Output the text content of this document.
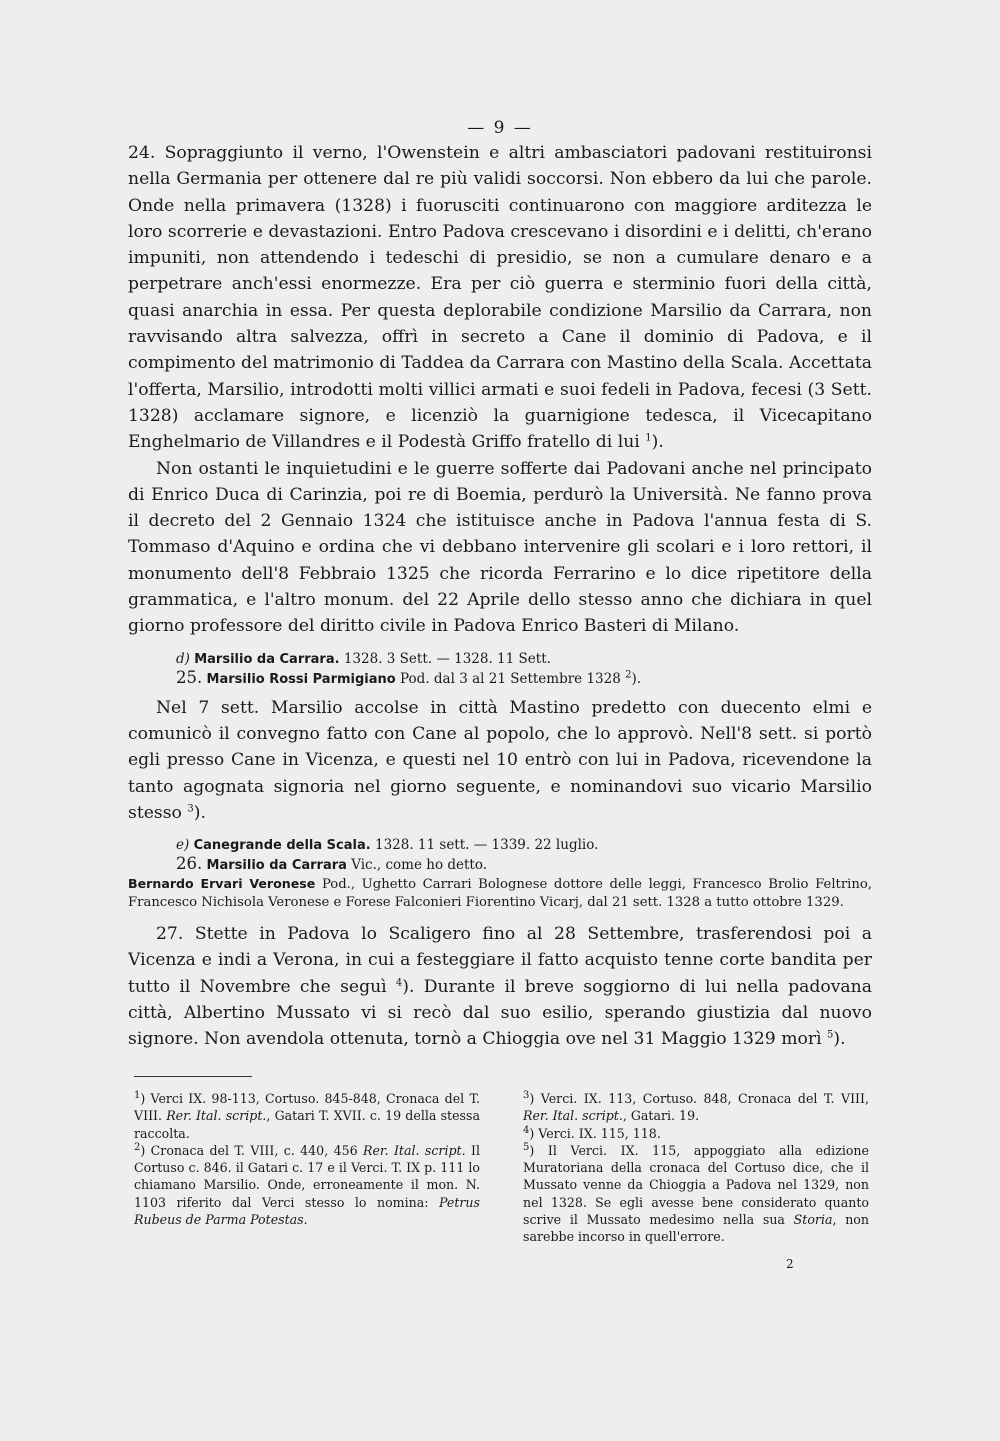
— 9 —

24. Sopraggiunto il verno, l'Owenstein e altri ambasciatori padovani restituironsi nella Germania per ottenere dal re più validi soccorsi. Non ebbero da lui che parole. Onde nella primavera (1328) i fuorusciti continuarono con maggiore arditezza le loro scorrerie e devastazioni. Entro Padova crescevano i disordini e i delitti, ch'erano impuniti, non attendendo i tedeschi di presidio, se non a cumulare denaro e a perpetrare anch'essi enormezze. Era per ciò guerra e sterminio fuori della città, quasi anarchia in essa. Per questa deplorabile condizione Marsilio da Carrara, non ravvisando altra salvezza, offrì in secreto a Cane il dominio di Padova, e il compimento del matrimonio di Taddea da Carrara con Mastino della Scala. Accettata l'offerta, Marsilio, introdotti molti villici armati e suoi fedeli in Padova, fecesi (3 Sett. 1328) acclamare signore, e licenziò la guarnigione tedesca, il Vicecapitano Enghelmario de Villandres e il Podestà Griffo fratello di lui $^1$).

Non ostanti le inquietudini e le guerre sofferte dai Padovani anche nel principato di Enrico Duca di Carinzia, poi re di Boemia, perdurò la Università. Ne fanno prova il decreto del 2 Gennaio 1324 che istituisce anche in Padova l'annua festa di S. Tommaso d'Aquino e ordina che vi debbano intervenire gli scolari e i loro rettori, il monumento dell'8 Febbraio 1325 che ricorda Ferrarino e lo dice ripetitore della grammatica, e l'altro monum. del 22 Aprile dello stesso anno che dichiara in quel giorno professore del diritto civile in Padova Enrico Basteri di Milano.

d) Marsilio da Carrara. 1328. 3 Sett. — 1328. 11 Sett.

25. Marsilio Rossi Parmigiano Pod. dal 3 al 21 Settembre 1328 $^2$).

Nel 7 sett. Marsilio accolse in città Mastino predetto con duecento elmi e comunicò il convegno fatto con Cane al popolo, che lo approvò. Nell'8 sett. si portò egli presso Cane in Vicenza, e questi nel 10 entrò con lui in Padova, ricevendone la tanto agognata signoria nel giorno seguente, e nominandovi suo vicario Marsilio stesso $^3$).

e) Canegrande della Scala. 1328. 11 sett. — 1339. 22 luglio.

26. Marsilio da Carrara Vic., come ho detto.

Bernardo Ervari Veronese Pod., Ughetto Carrari Bolognese dottore delle leggi, Francesco Brolio Feltrino, Francesco Nichisola Veronese e Forese Falconieri Fiorentino Vicarj, dal 21 sett. 1328 a tutto ottobre 1329.

27. Stette in Padova lo Scaligero fino al 28 Settembre, trasferendosi poi a Vicenza e indi a Verona, in cui a festeggiare il fatto acquisto tenne corte bandita per tutto il Novembre che seguì $^4$). Durante il breve soggiorno di lui nella padovana città, Albertino Mussato vi si recò dal suo esilio, sperando giustizia dal nuovo signore. Non avendola ottenuta, tornò a Chioggia ove nel 31 Maggio 1329 morì $^5$).

$^1$) Verci IX. 98-113, Cortuso. 845-848, Cronaca del T. VIII. Rer. Ital. script., Gatari T. XVII. c. 19 della stessa raccolta.

$^2$) Cronaca del T. VIII, c. 440, 456 Rer. Ital. script. Il Cortuso c. 846. il Gatari c. 17 e il Verci. T. IX p. 111 lo chiamano Marsilio. Onde, erroneamente il mon. N. 1103 riferito dal Verci stesso lo nomina: Petrus Rubeus de Parma Potestas.

$^3$) Verci. IX. 113, Cortuso. 848, Cronaca del T. VIII, Rer. Ital. script., Gatari. 19.

$^4$) Verci. IX. 115, 118.

$^5$) Il Verci. IX. 115, appoggiato alla edizione Muratoriana della cronaca del Cortuso dice, che il Mussato venne da Chioggia a Padova nel 1329, non nel 1328. Se egli avesse bene considerato quanto scrive il Mussato medesimo nella sua Storia, non sarebbe incorso in quell'errore.

2
